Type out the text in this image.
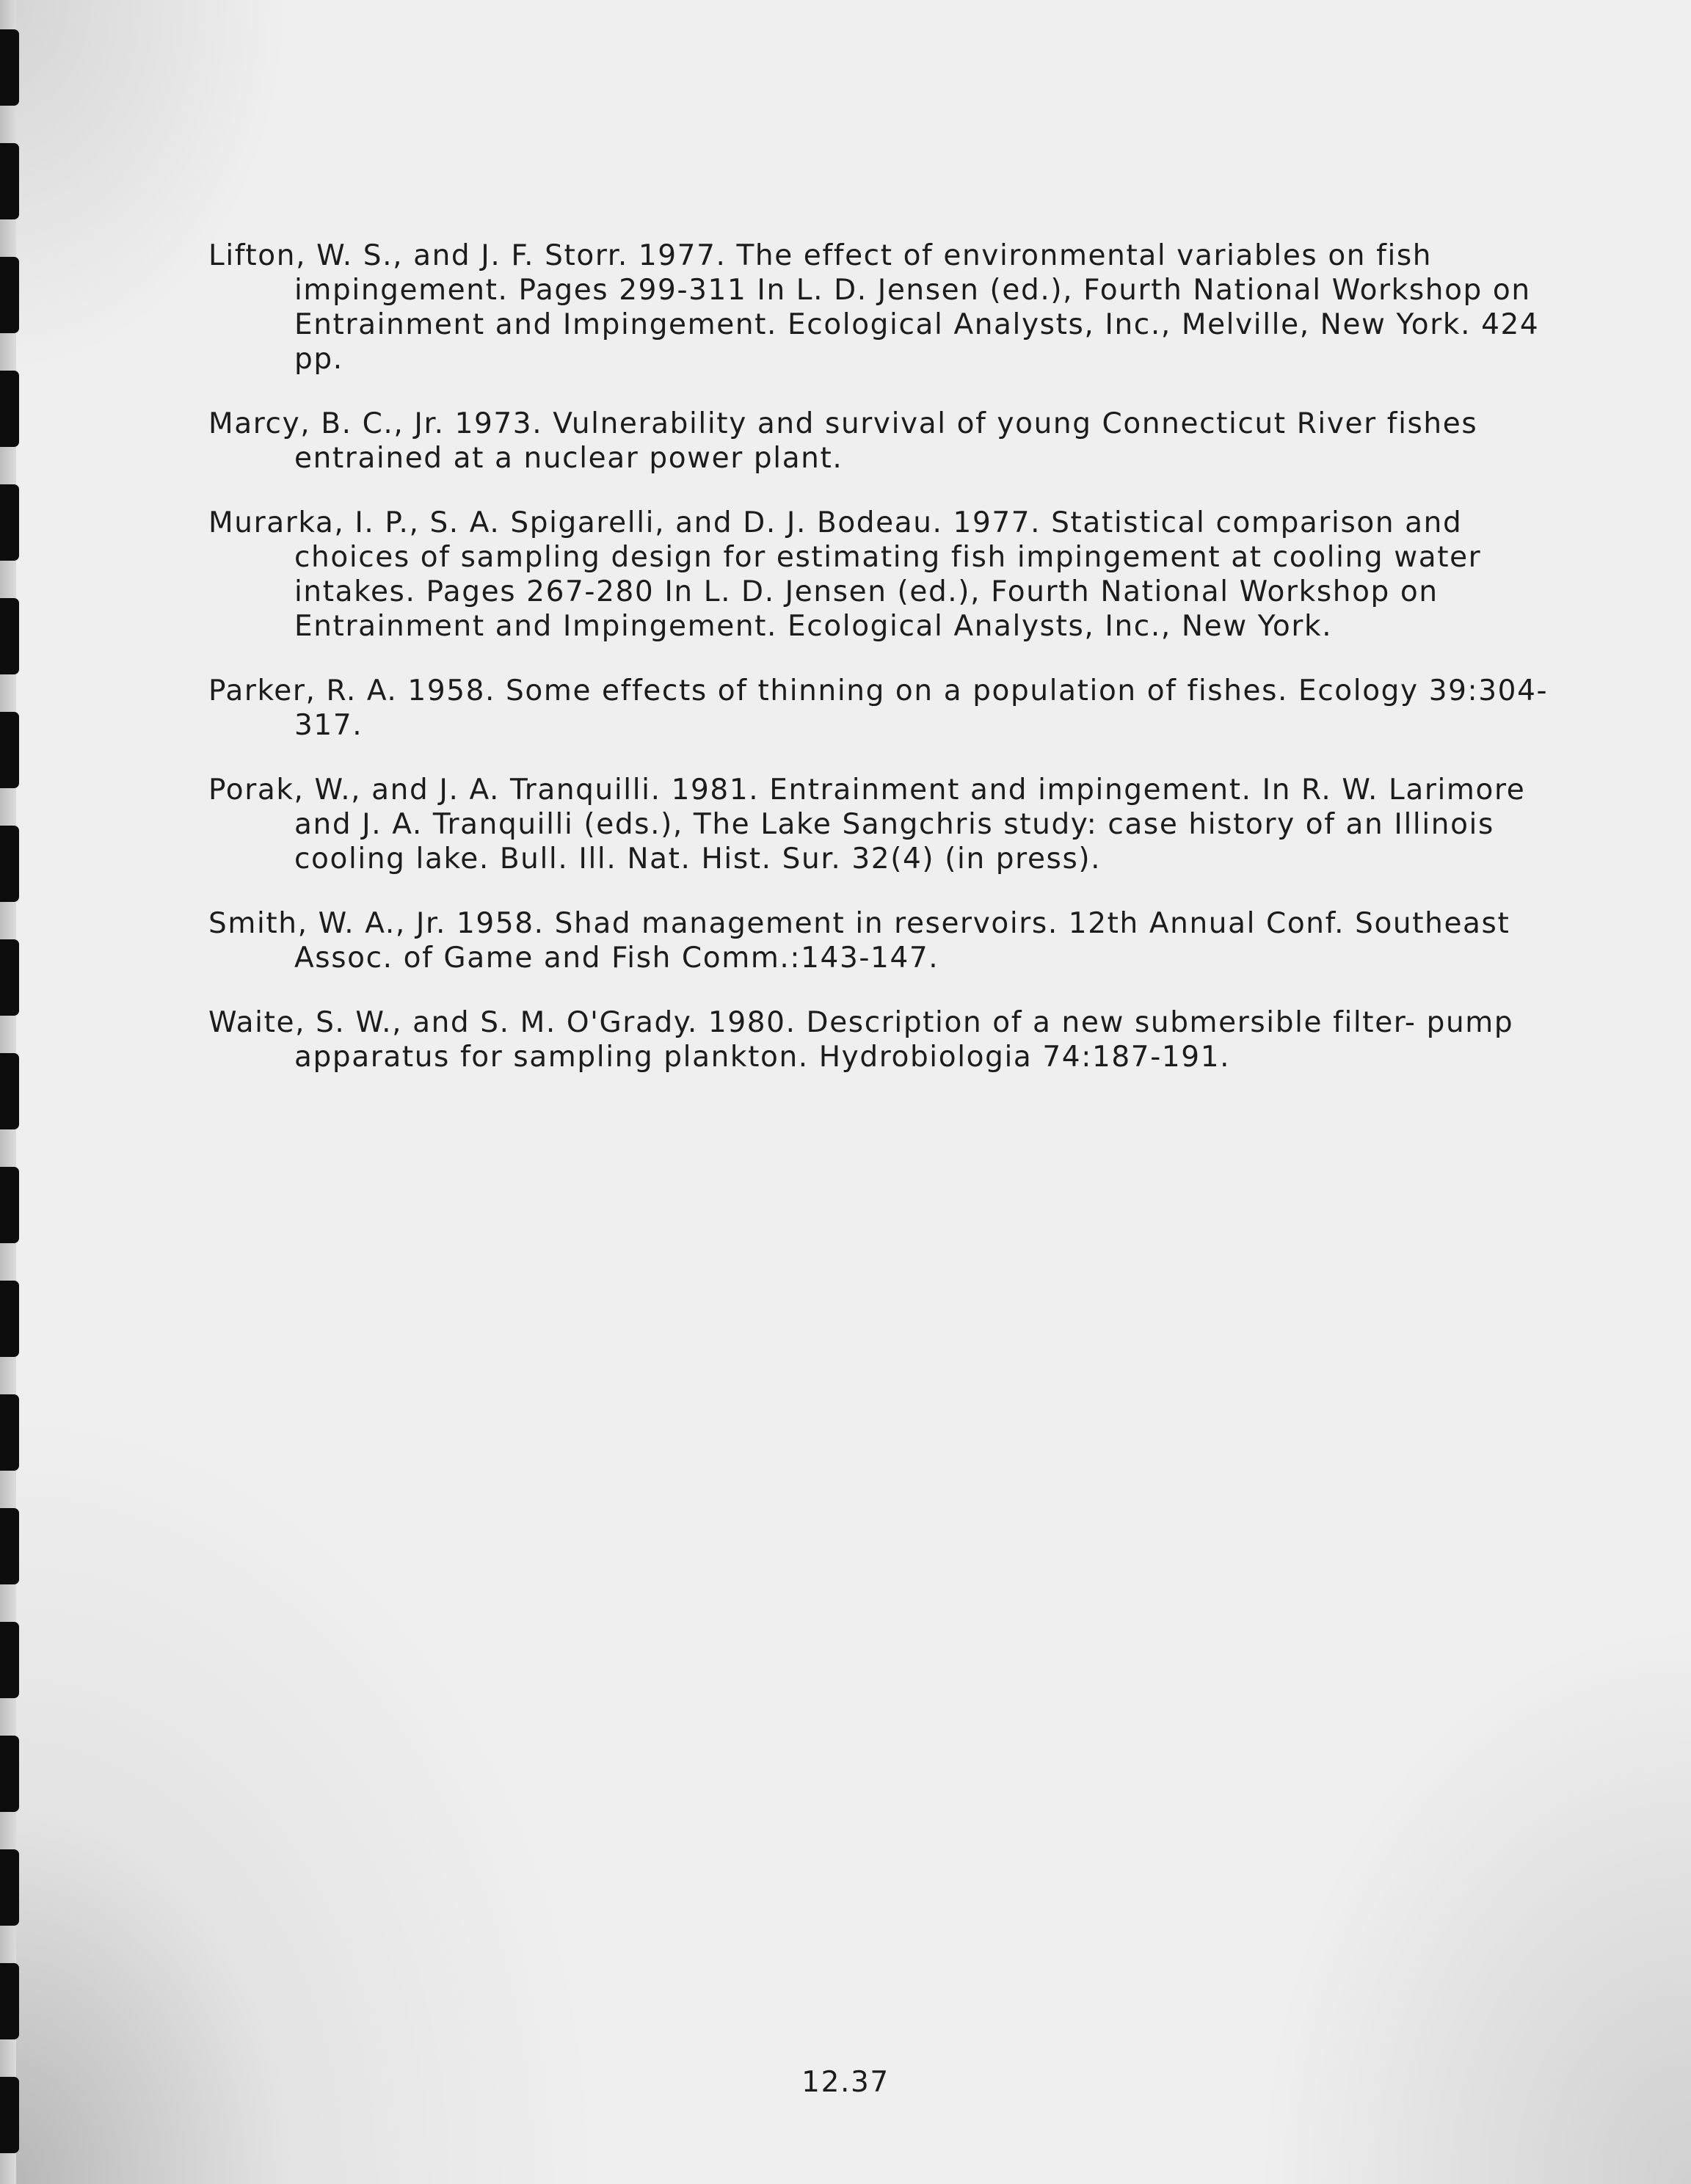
Lifton, W. S., and J. F. Storr. 1977. The effect of environmental variables on fish impingement. Pages 299-311 In L. D. Jensen (ed.), Fourth National Workshop on Entrainment and Impingement. Ecological Analysts, Inc., Melville, New York. 424 pp.
Marcy, B. C., Jr. 1973. Vulnerability and survival of young Connecticut River fishes entrained at a nuclear power plant.
Murarka, I. P., S. A. Spigarelli, and D. J. Bodeau. 1977. Statistical comparison and choices of sampling design for estimating fish impingement at cooling water intakes. Pages 267-280 In L. D. Jensen (ed.), Fourth National Workshop on Entrainment and Impingement. Ecological Analysts, Inc., New York.
Parker, R. A. 1958. Some effects of thinning on a population of fishes. Ecology 39:304-317.
Porak, W., and J. A. Tranquilli. 1981. Entrainment and impingement. In R. W. Larimore and J. A. Tranquilli (eds.), The Lake Sangchris study: case history of an Illinois cooling lake. Bull. Ill. Nat. Hist. Sur. 32(4) (in press).
Smith, W. A., Jr. 1958. Shad management in reservoirs. 12th Annual Conf. Southeast Assoc. of Game and Fish Comm.:143-147.
Waite, S. W., and S. M. O'Grady. 1980. Description of a new submersible filter- pump apparatus for sampling plankton. Hydrobiologia 74:187-191.
12.37
